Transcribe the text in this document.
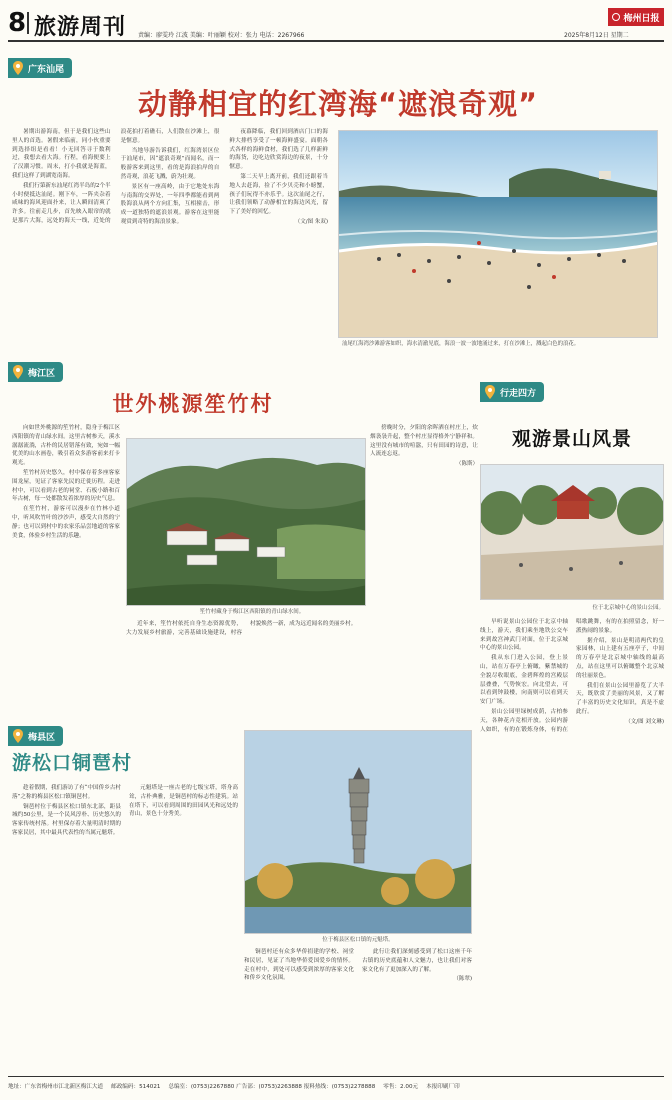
8 旅游周刊 责编：廖雯玲 江波 美编：叶丽颖 校对：张力 电话：2267966	2025年8月12日 星期二
梅州日报
广东汕尾
动静相宜的红湾海“遮浪奇观”

暑期出游海南，但于是我们这些山里人的首选。暑假来临前，同小伙重要到选择组是看看！小无回答寻于数利过，我想去看大海。行程，看海便要上了汉潮习惯。周末，打小我就是海蓝，我们这样了到湖宽南海。

我们行第新东汕尾红湾半岛的2个半小时便抵达汕尾。刚下车，一阵夹杂着咸味的海风迎面扑来，让人瞬间清爽了许多。往前走几步，首先映入眼帘的就是那片大海，远处的海天一线，近处的浪花拍打着礁石，人们散在沙滩上，很是惬意。

当地导游告诉我们，红海湾景区位于汕尾市，因“遮浪奇观”而闻名，而一般游客来到这里，看的是海浪拍岸的自然奇观，浪花飞溅，蔚为壮观。

景区有一座高岭，由于它地处东海与南海的交界处，一年四季都能看到两股海浪从两个方向汇集，互相撞击，形成一道独特的遮浪景观。游客在这里能观赏到奇特的海浪景象。

夜幕降临，我们回到酒店门口的海鲜大排档享受了一顿海鲜盛宴。面朝各式各样的海鲜食材，我们选了几样新鲜的海货，边吃边欣赏海边的夜景，十分惬意。

第二天早上离开前，我们还跟着当地人去赶海，捡了不少贝壳和小螃蟹，孩子们玩得不亦乐乎。这次汕尾之行，让我们领略了动静相宜的海边风光，留下了美好的回忆。

（文/图 朱双)
汕尾红海湾沙滩游客如织，海水清澈见底，海浪一波一波地涌过来，打在沙滩上，溅起白色的浪花。
梅江区
世外桃源笙竹村

向如世外桃源的笙竹村，隐身于梅江区西阳镇的青山绿水间。这里古树参天，溪水潺潺流淌，古朴的民居错落有致，宛如一幅优美的山水画卷，吸引着众多游客前来打卡观光。

笙竹村历史悠久，村中保存着多座客家围龙屋，见证了客家先民的迁徙历程。走进村中，可以看到古老的祠堂、石板小路和百年古树，每一处都散发着浓厚的历史气息。

在笙竹村，游客可以漫步在竹林小道中，听风吹竹叶的沙沙声，感受大自然的宁静；也可以到村中的农家乐品尝地道的客家美食，体验乡村生活的乐趣。

笙竹村藏身于梅江区西阳镇的青山绿水间。

近年来，笙竹村依托自身生态资源优势，大力发展乡村旅游，完善基础设施建设，村容村貌焕然一新，成为远近闻名的美丽乡村。

傍晚时分，夕阳的余晖洒在村庄上，炊烟袅袅升起，整个村庄显得格外宁静祥和。这里没有城市的喧嚣，只有田园的诗意，让人流连忘返。

（陈斯）
行走四方
观游景山风景
位于北京城中心的景山公园。

早听说景山公园位于北京中轴线上，游天，我们乘坐地铁公交车来到故宫神武门对面，位于北京城中心的景山公园。

我从东门进入公园，登上景山，站在万春亭上俯瞰，紫禁城的全貌尽收眼底，金碧辉煌的宫殿层层叠叠，气势恢宏。向北望去，可以看到钟鼓楼，向南则可以看到天安门广场。

景山公园里绿树成荫，古柏参天，各种花卉竞相开放。公园内游人如织，有的在锻炼身体，有的在唱歌跳舞，有的在拍照留念，好一派热闹的景象。

据介绍，景山是明清两代的皇家园林，山上建有五座亭子，中间的万春亭是北京城中轴线的最高点，站在这里可以俯瞰整个北京城的壮丽景色。

我们在景山公园里游览了大半天，既欣赏了美丽的风景，又了解了丰富的历史文化知识，真是不虚此行。

（文/图 刘文琳)
梅县区
游松口铜琶村

趁着假期，我们游访了有“中国侨乡古村落”之称的梅县区松口镇铜琶村。

铜琶村位于梅县区松口镇东北部，距县城约50公里，是一个民风淳朴、历史悠久的客家传统村落。村里保存着大量明清时期的客家民居，其中最具代表性的当属元魁塔。

元魁塔是一座古老的七级宝塔，塔身高耸，古朴典雅，是铜琶村的标志性建筑。站在塔下，可以看到周围的田园风光和远处的青山，景色十分秀美。

位于梅县区松口镇的元魁塔。

铜琶村还有众多华侨捐建的学校、祠堂和民居，见证了当地华侨爱国爱乡的情怀。走在村中，到处可以感受到浓厚的客家文化和侨乡文化氛围。

此行让我们深刻感受到了松口这座千年古镇的历史底蕴和人文魅力，也让我们对客家文化有了更加深入的了解。

（陈翠)
地址：广东省梅州市江北新区梅江大道 邮政编码：514021 总编室：(0753)2267880 广告部：(0753)2263888 报料热线：(0753)2278888 零售：2.00元 本报印刷厂印
